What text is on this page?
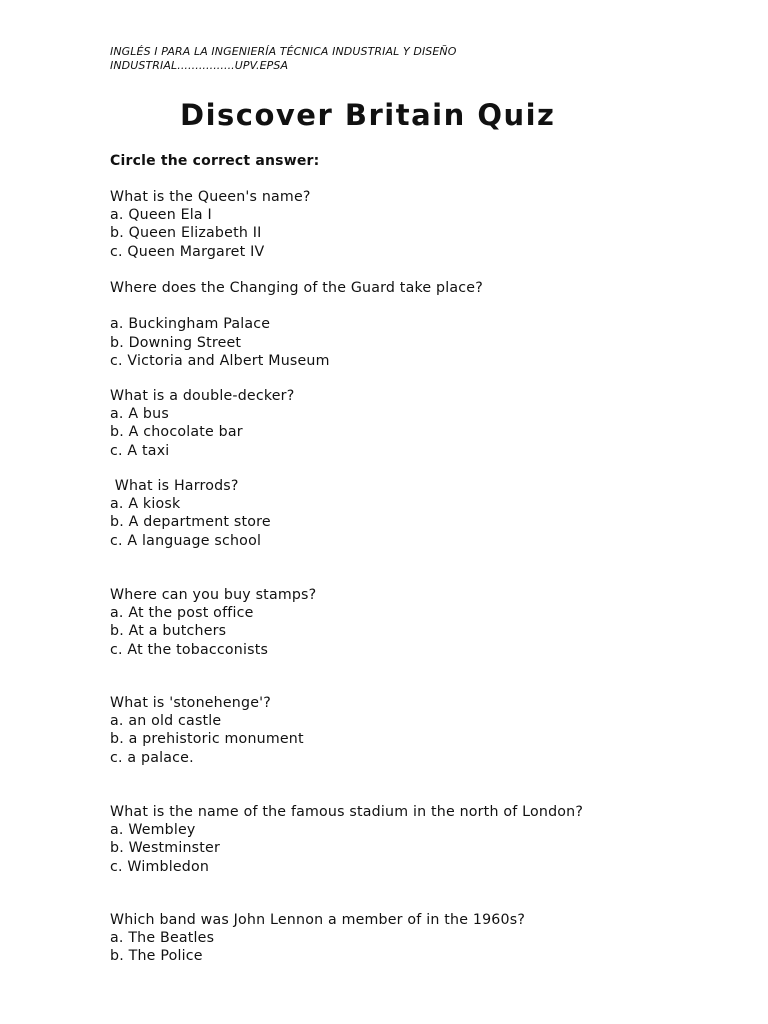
INGLÉS I PARA LA INGENIERÍA TÉCNICA INDUSTRIAL Y DISEÑO
INDUSTRIAL................UPV.EPSA
Discover Britain Quiz
Circle the correct answer:
What is the Queen's name?
a. Queen Ela I
b. Queen Elizabeth II
c. Queen Margaret IV
Where does the Changing of the Guard take place?
a. Buckingham Palace
b. Downing Street
c. Victoria and Albert Museum
What is a double-decker?
a. A bus
b. A chocolate bar
c. A taxi
What is Harrods?
a. A kiosk
b. A department store
c. A language school
Where can you buy stamps?
a. At the post office
b. At a butchers
c. At the tobacconists
What is 'stonehenge'?
a. an old castle
b. a prehistoric monument
c. a palace.
What is the name of the famous stadium in the north of London?
a. Wembley
b. Westminster
c. Wimbledon
Which band was John Lennon a member of in the 1960s?
a. The Beatles
b. The Police
